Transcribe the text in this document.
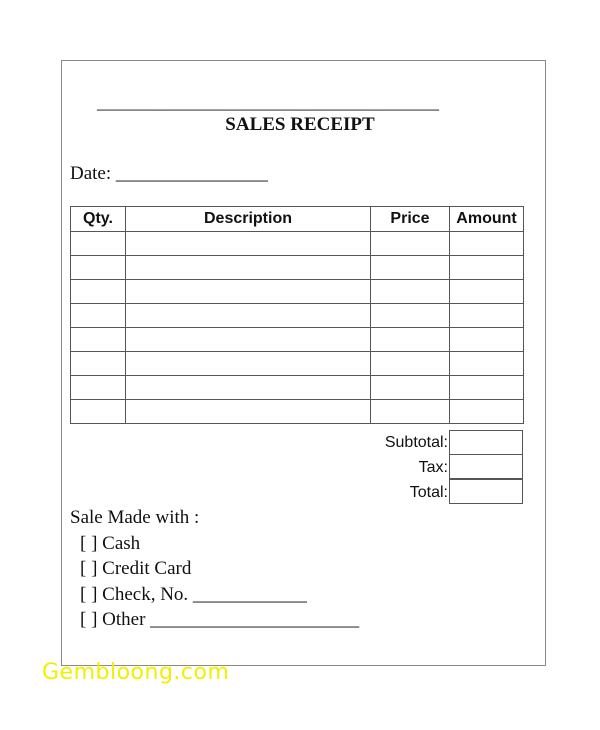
______________________________________
SALES RECEIPT
Date: ________________
Qty.	Description	Price	Amount

Subtotal:
Tax:
Total:
Sale Made with :
[ ] Cash
[ ] Credit Card
[ ] Check, No. ____________
[ ] Other ______________________
Gembloong.com
